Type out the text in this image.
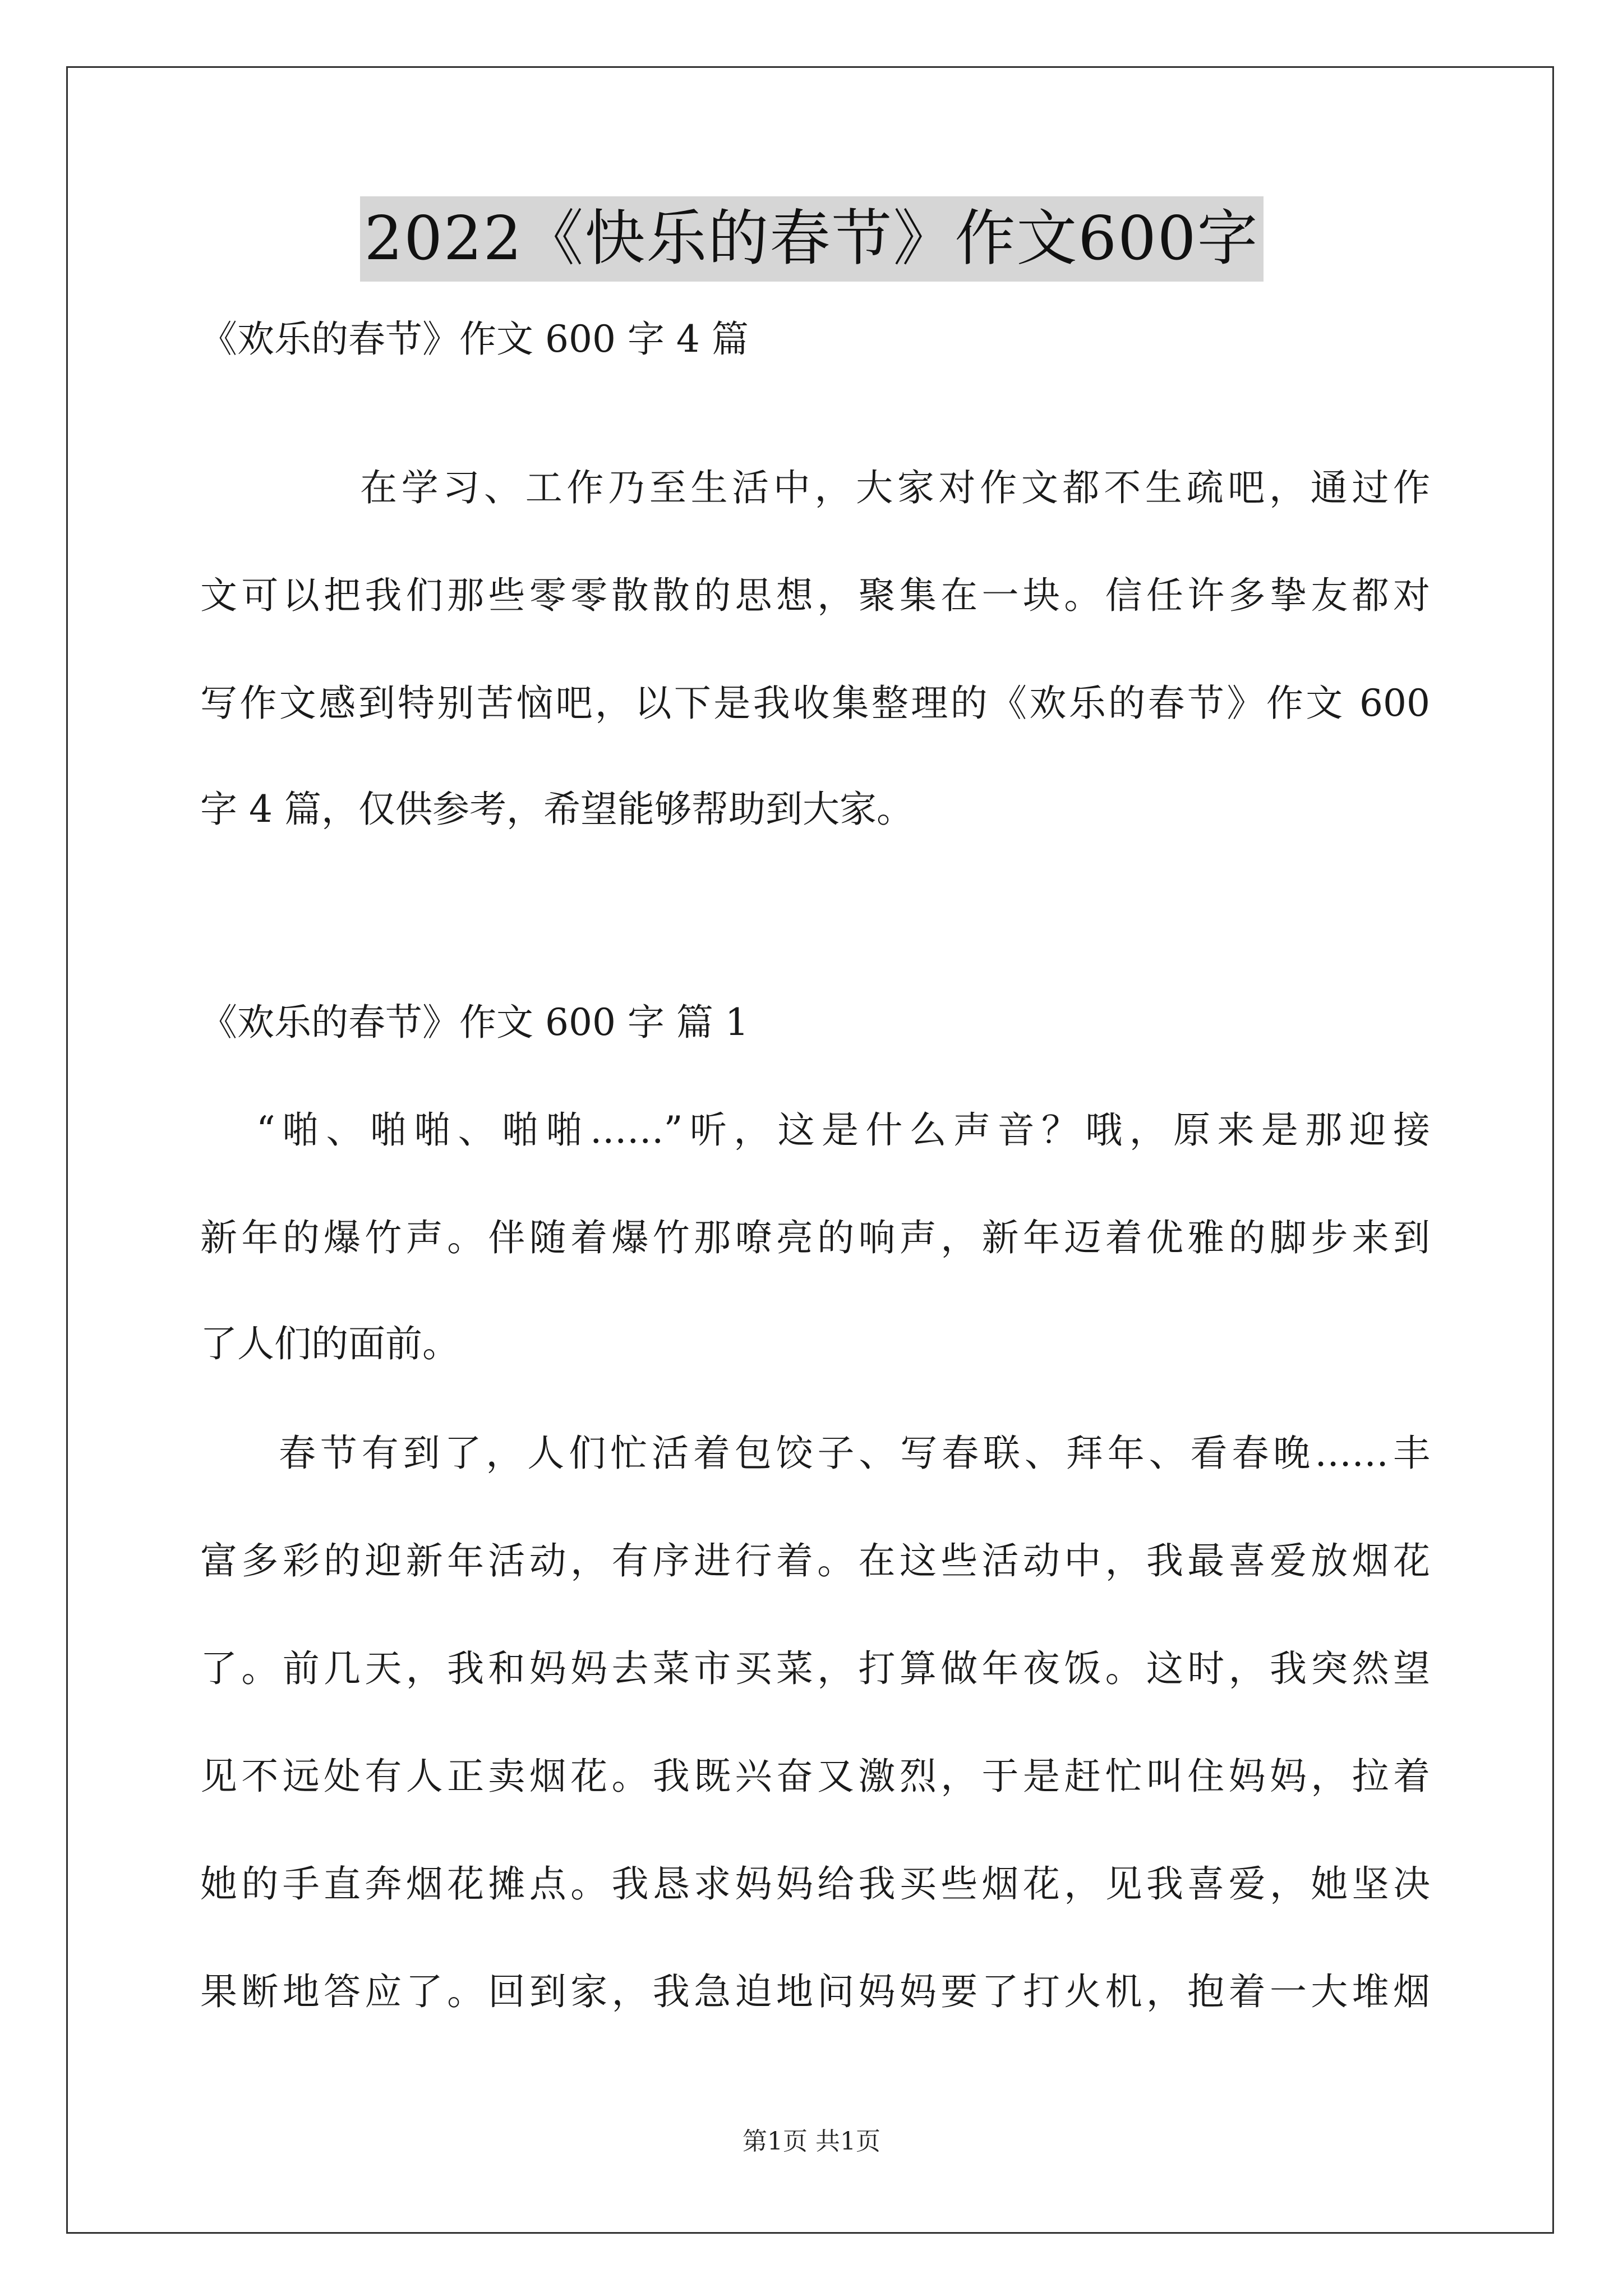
2022《快乐的春节》作文600字
《欢乐的春节》作文 600 字 4 篇
在学习、工作乃至生活中，大家对作文都不生疏吧，通过作
文可以把我们那些零零散散的思想，聚集在一块。信任许多挚友都对
写作文感到特别苦恼吧，以下是我收集整理的《欢乐的春节》作文 600
字 4 篇，仅供参考，希望能够帮助到大家。
《欢乐的春节》作文 600 字 篇 1
“啪、啪啪、啪啪……”听，这是什么声音？哦，原来是那迎接
新年的爆竹声。伴随着爆竹那嘹亮的响声，新年迈着优雅的脚步来到
了人们的面前。
春节有到了，人们忙活着包饺子、写春联、拜年、看春晚……丰
富多彩的迎新年活动，有序进行着。在这些活动中，我最喜爱放烟花
了。前几天，我和妈妈去菜市买菜，打算做年夜饭。这时，我突然望
见不远处有人正卖烟花。我既兴奋又激烈，于是赶忙叫住妈妈，拉着
她的手直奔烟花摊点。我恳求妈妈给我买些烟花，见我喜爱，她坚决
果断地答应了。回到家，我急迫地问妈妈要了打火机，抱着一大堆烟
第1页 共1页
